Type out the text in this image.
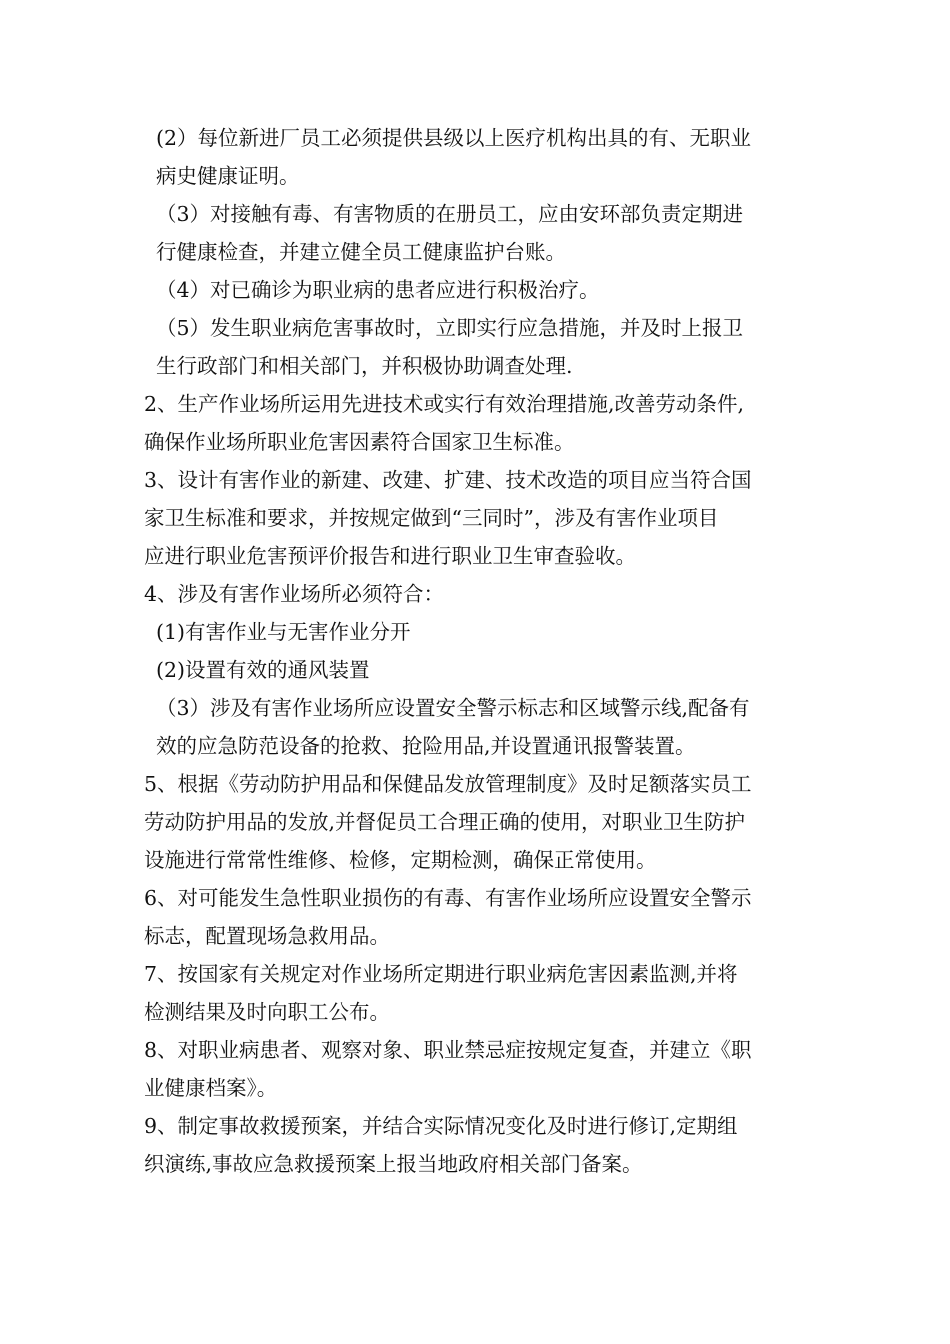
(2）每位新进厂员工必须提供县级以上医疗机构出具的有、无职业
病史健康证明。
（3）对接触有毒、有害物质的在册员工，应由安环部负责定期进
行健康检查，并建立健全员工健康监护台账。
（4）对已确诊为职业病的患者应进行积极治疗。
（5）发生职业病危害事故时，立即实行应急措施，并及时上报卫
生行政部门和相关部门，并积极协助调查处理.
2、生产作业场所运用先进技术或实行有效治理措施,改善劳动条件,
确保作业场所职业危害因素符合国家卫生标准。
3、设计有害作业的新建、改建、扩建、技术改造的项目应当符合国
家卫生标准和要求，并按规定做到“三同时”，涉及有害作业项目
应进行职业危害预评价报告和进行职业卫生审查验收。
4、涉及有害作业场所必须符合：
(1)有害作业与无害作业分开
(2)设置有效的通风装置
（3）涉及有害作业场所应设置安全警示标志和区域警示线,配备有
效的应急防范设备的抢救、抢险用品,并设置通讯报警装置。
5、根据《劳动防护用品和保健品发放管理制度》及时足额落实员工
劳动防护用品的发放,并督促员工合理正确的使用，对职业卫生防护
设施进行常常性维修、检修，定期检测，确保正常使用。
6、对可能发生急性职业损伤的有毒、有害作业场所应设置安全警示
标志，配置现场急救用品。
7、按国家有关规定对作业场所定期进行职业病危害因素监测,并将
检测结果及时向职工公布。
8、对职业病患者、观察对象、职业禁忌症按规定复查，并建立《职
业健康档案》。
9、制定事故救援预案，并结合实际情况变化及时进行修订,定期组
织演练,事故应急救援预案上报当地政府相关部门备案。
